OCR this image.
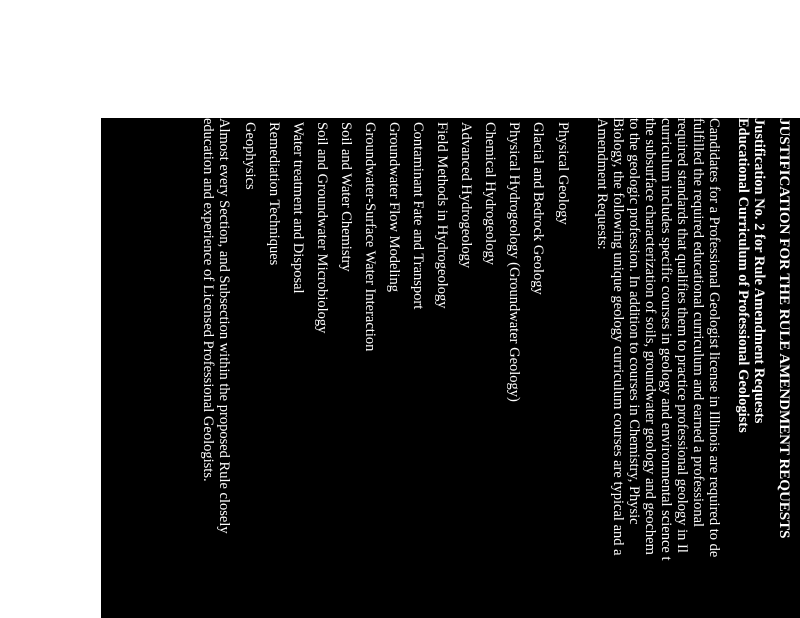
JUSTIFICATION FOR THE RULE AMENDMENT REQUESTS
Justification No. 2 for Rule Amendment Requests
Educational Curriculum of Professional Geologists
Candidates for a Professional Geologist license in Illinois are required to de
fulfilled the required educational curriculum and earned a professional
required standards that qualifies them to practice professional geology in Il
curriculum includes specific courses in geology and environmental science t
the subsurface characterization of soils, groundwater geology and geochem
to the geologic profession. In addition to courses in Chemistry, Physic
Biology, the following unique geology curriculum courses are typical and a
Amendment Requests:
Physical Geology
Glacial and Bedrock Geology
Physical Hydrogeology (Groundwater Geology)
Chemical Hydrogeology
Advanced Hydrogeology
Field Methods in Hydrogeology
Contaminant Fate and Transport
Groundwater Flow Modeling
Groundwater-Surface Water Interaction
Soil and Water Chemistry
Soil and Groundwater Microbiology
Water treatment and Disposal
Remediation Techniques
Geophysics
Almost every Section, and Subsection within the proposed Rule closely
education and experience of Licensed Professional Geologists.
